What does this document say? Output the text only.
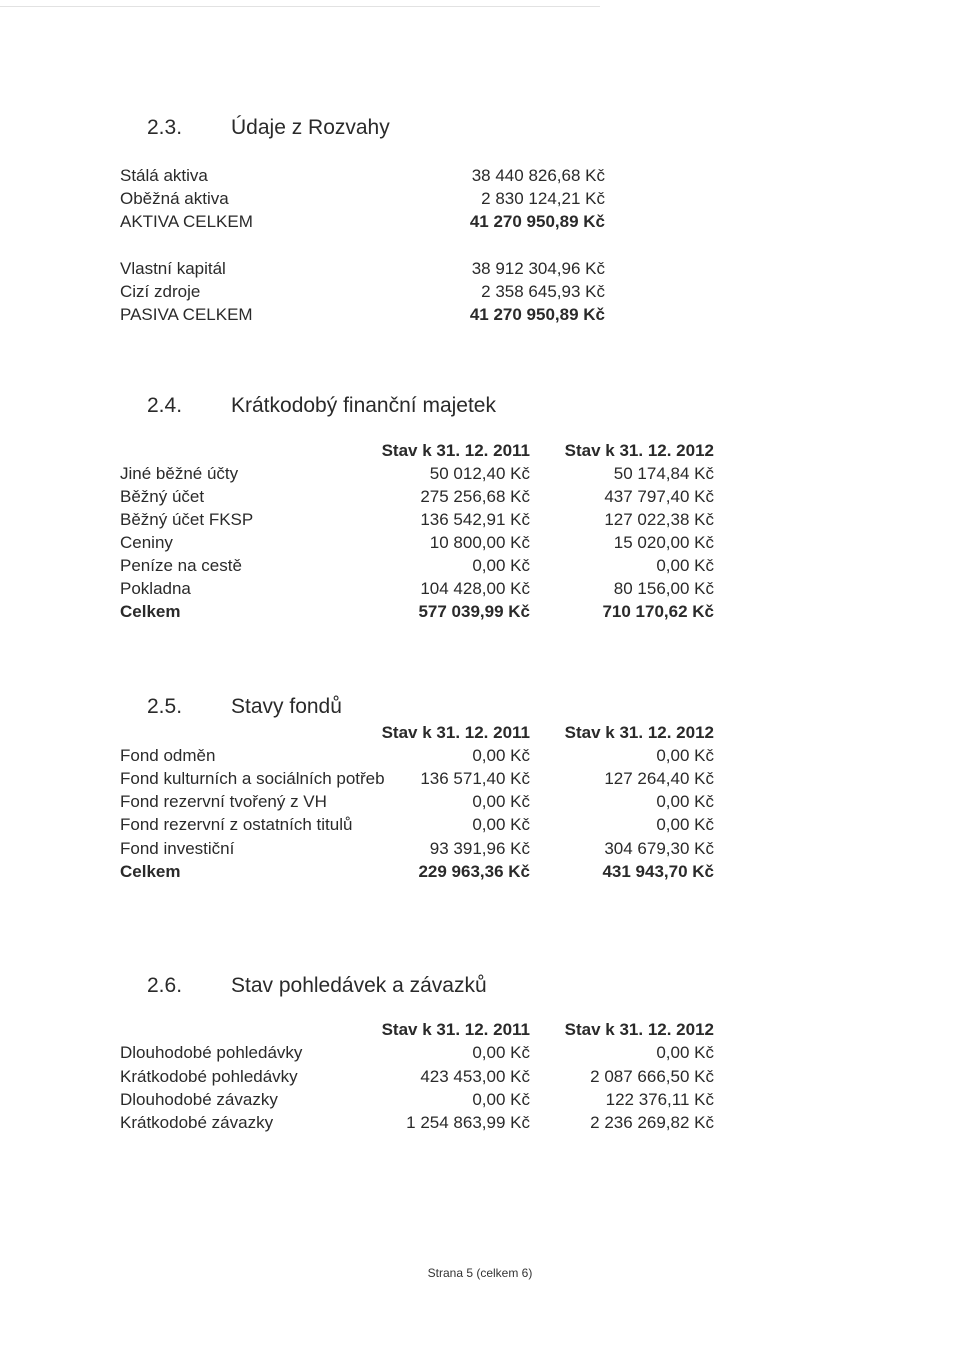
2.3. Údaje z Rozvahy
Stálá aktiva	38 440 826,68 Kč
Oběžná aktiva	2 830 124,21 Kč
AKTIVA CELKEM	41 270 950,89 Kč
Vlastní kapitál	38 912 304,96 Kč
Cizí zdroje	2 358 645,93 Kč
PASIVA CELKEM	41 270 950,89 Kč
2.4. Krátkodobý finanční majetek
Stav k 31. 12. 2011 Stav k 31. 12. 2012
Jiné běžné účty	50 012,40 Kč	50 174,84 Kč
Běžný účet	275 256,68 Kč	437 797,40 Kč
Běžný účet FKSP	136 542,91 Kč	127 022,38 Kč
Ceniny	10 800,00 Kč	15 020,00 Kč
Peníze na cestě	0,00 Kč	0,00 Kč
Pokladna	104 428,00 Kč	80 156,00 Kč
Celkem	577 039,99 Kč	710 170,62 Kč
2.5. Stavy fondů
Stav k 31. 12. 2011 Stav k 31. 12. 2012
Fond odměn	0,00 Kč	0,00 Kč
Fond kulturních a sociálních potřeb 136 571,40 Kč	127 264,40 Kč
Fond rezervní tvořený z VH	0,00 Kč	0,00 Kč
Fond rezervní z ostatních titulů	0,00 Kč	0,00 Kč
Fond investiční	93 391,96 Kč	304 679,30 Kč
Celkem	229 963,36 Kč	431 943,70 Kč
2.6. Stav pohledávek a závazků
Stav k 31. 12. 2011 Stav k 31. 12. 2012
Dlouhodobé pohledávky	0,00 Kč	0,00 Kč
Krátkodobé pohledávky	423 453,00 Kč	2 087 666,50 Kč
Dlouhodobé závazky	0,00 Kč	122 376,11 Kč
Krátkodobé závazky	1 254 863,99 Kč	2 236 269,82 Kč
Strana 5 (celkem 6)
